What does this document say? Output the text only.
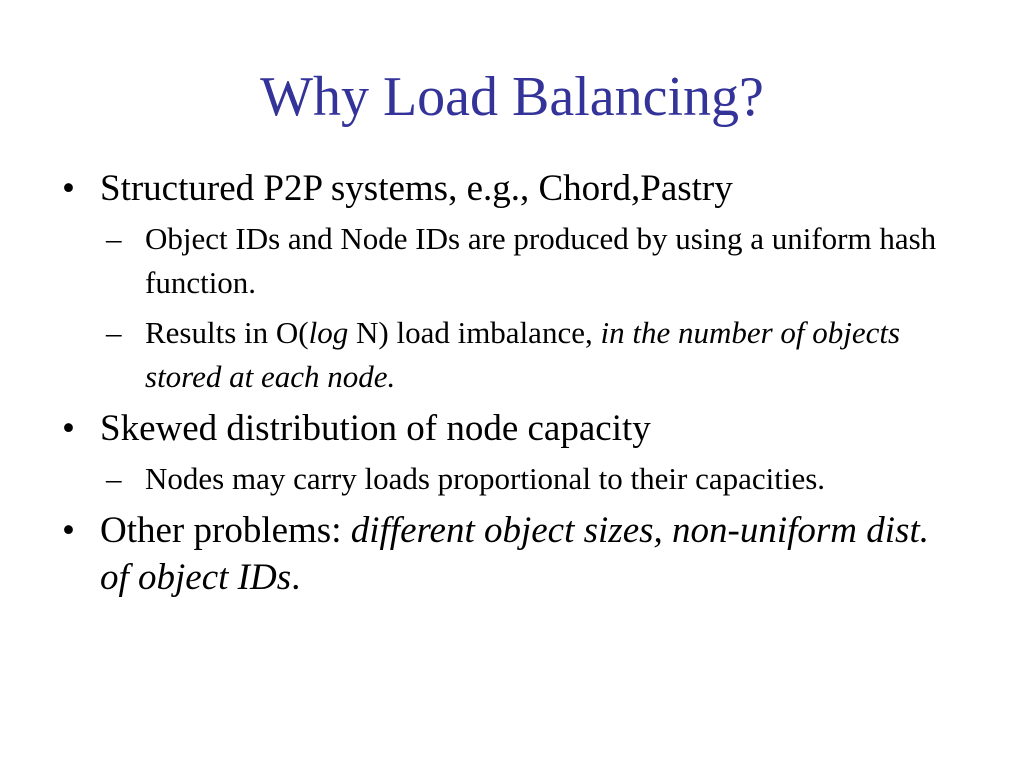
Why Load Balancing?
• Structured P2P systems, e.g., Chord,Pastry
– Object IDs and Node IDs are produced by using a uniform hash function.
– Results in O(log N) load imbalance, in the number of objects stored at each node.
• Skewed distribution of node capacity
– Nodes may carry loads proportional to their capacities.
• Other problems: different object sizes, non-uniform dist. of object IDs.
